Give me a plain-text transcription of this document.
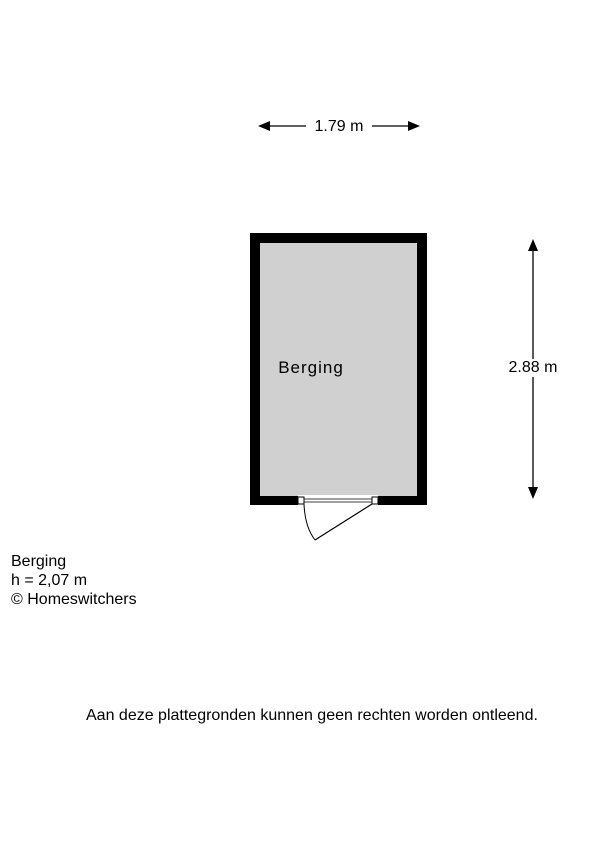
1.79 m
2.88 m
Berging
Berging
h = 2,07 m
© Homeswitchers
Aan deze plattegronden kunnen geen rechten worden ontleend.
